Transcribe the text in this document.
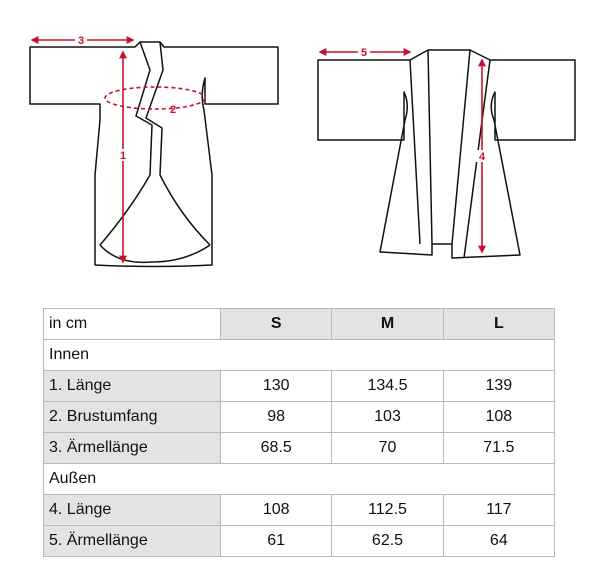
3
2
1
5
4
in cm	S	M	L
Innen			
1. Länge	130	134.5	139
2. Brustumfang	98	103	108
3. Ärmellänge	68.5	70	71.5
Außen			
4. Länge	108	112.5	117
5. Ärmellänge	61	62.5	64
